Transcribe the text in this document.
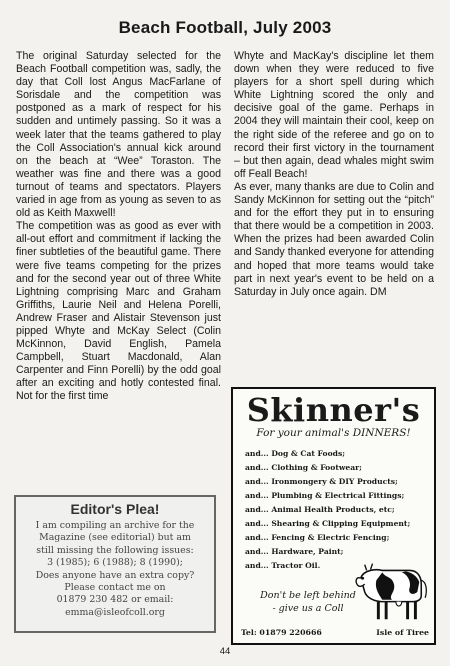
Beach Football, July 2003

The original Saturday selected for the Beach Football competition was, sadly, the day that Coll lost Angus MacFarlane of Sorisdale and the competition was postponed as a mark of respect for his sudden and untimely passing. So it was a week later that the teams gathered to play the Coll Association's annual kick around on the beach at “Wee” Toraston. The weather was fine and there was a good turnout of teams and spectators. Players varied in age from as young as seven to as old as Keith Maxwell!

The competition was as good as ever with all-out effort and commitment if lacking the finer subtleties of the beautiful game. There were five teams competing for the prizes and for the second year out of three White Lightning comprising Marc and Graham Griffiths, Laurie Neil and Helena Porelli, Andrew Fraser and Alistair Stevenson just pipped Whyte and McKay Select (Colin McKinnon, David English, Pamela Campbell, Stuart Macdonald, Alan Carpenter and Finn Porelli) by the odd goal after an exciting and hotly contested final. Not for the first time

Whyte and MacKay's discipline let them down when they were reduced to five players for a short spell during which White Lightning scored the only and decisive goal of the game. Perhaps in 2004 they will maintain their cool, keep on the right side of the referee and go on to record their first victory in the tournament – but then again, dead whales might swim off Feall Beach!

As ever, many thanks are due to Colin and Sandy McKinnon for setting out the “pitch” and for the effort they put in to ensuring that there would be a competition in 2003. When the prizes had been awarded Colin and Sandy thanked everyone for attending and hoped that more teams would take part in next year's event to be held on a Saturday in July once again. DM

Editor's Plea!
I am compiling an archive for the
Magazine (see editorial) but am
still missing the following issues:
3 (1985); 6 (1988); 8 (1990);
Does anyone have an extra copy?
Please contact me on
01879 230 482 or email:
emma@isleofcoll.org
Skinner's
For your animal's DINNERS!
and... Dog & Cat Foods;
and... Clothing & Footwear;
and... Ironmongery & DIY Products;
and... Plumbing & Electrical Fittings;
and... Animal Health Products, etc;
and... Shearing & Clipping Equipment;
and... Fencing & Electric Fencing;
and... Hardware, Paint;
and... Tractor Oil.
Don't be left behind
- give us a Coll
Tel: 01879 220666	Isle of Tiree
44
